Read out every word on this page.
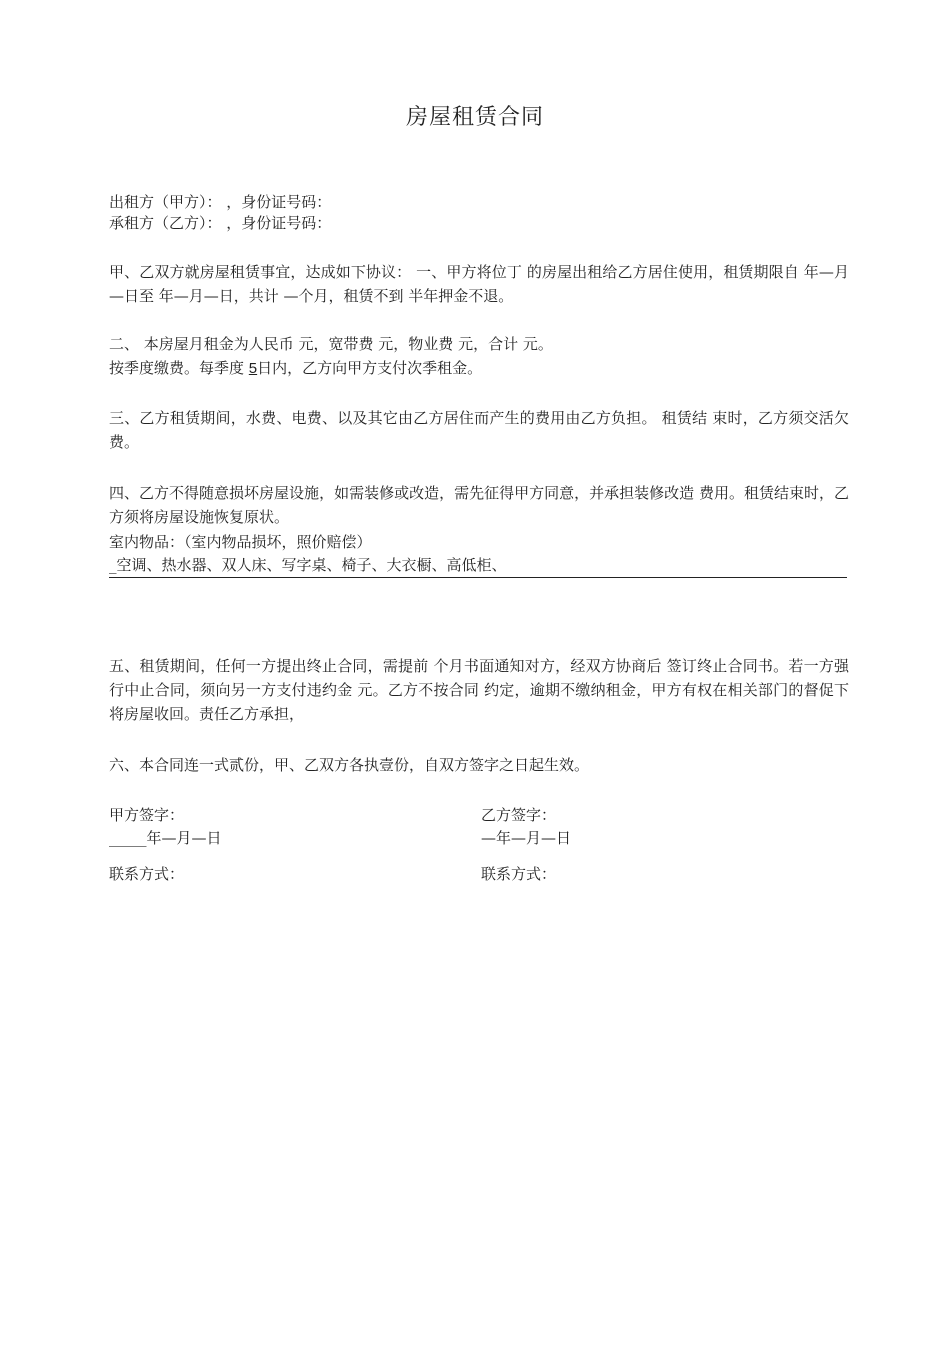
房屋租赁合同
出租方（甲方）： ，身份证号码：
承租方（乙方）： ，身份证号码：
甲、乙双方就房屋租赁事宜，达成如下协议： 一、甲方将位丁 的房屋出租给乙方居住使用，租赁期限自 年—月—日至 年—月—日，共计 —个月，租赁不到 半年押金不退。
二、 本房屋月租金为人民币 元，宽带费 元，物业费 元，合计 元。
按季度缴费。每季度 5日内，乙方向甲方支付次季租金。
三、乙方租赁期间，水费、电费、以及其它由乙方居住而产生的费用由乙方负担。 租赁结 束时，乙方须交活欠费。
四、乙方不得随意损坏房屋设施，如需装修或改造，需先征得甲方同意，并承担装修改造 费用。租赁结束时，乙方须将房屋设施恢复原状。
室内物品：（室内物品损坏，照价赔偿）
_空调、热水器、双人床、写字桌、椅子、大衣橱、高低柜、
五、租赁期间，任何一方提出终止合同，需提前 个月书面通知对方，经双方协商后 签订终止合同书。若一方强行中止合同，须向另一方支付违约金 元。乙方不按合同 约定，逾期不缴纳租金，甲方有权在相关部门的督促下将房屋收回。责任乙方承担，
六、本合同连一式贰份，甲、乙双方各执壹份，自双方签字之日起生效。
甲方签字：
_____年—月—日
联系方式：
乙方签字：
—年—月—日
联系方式：
